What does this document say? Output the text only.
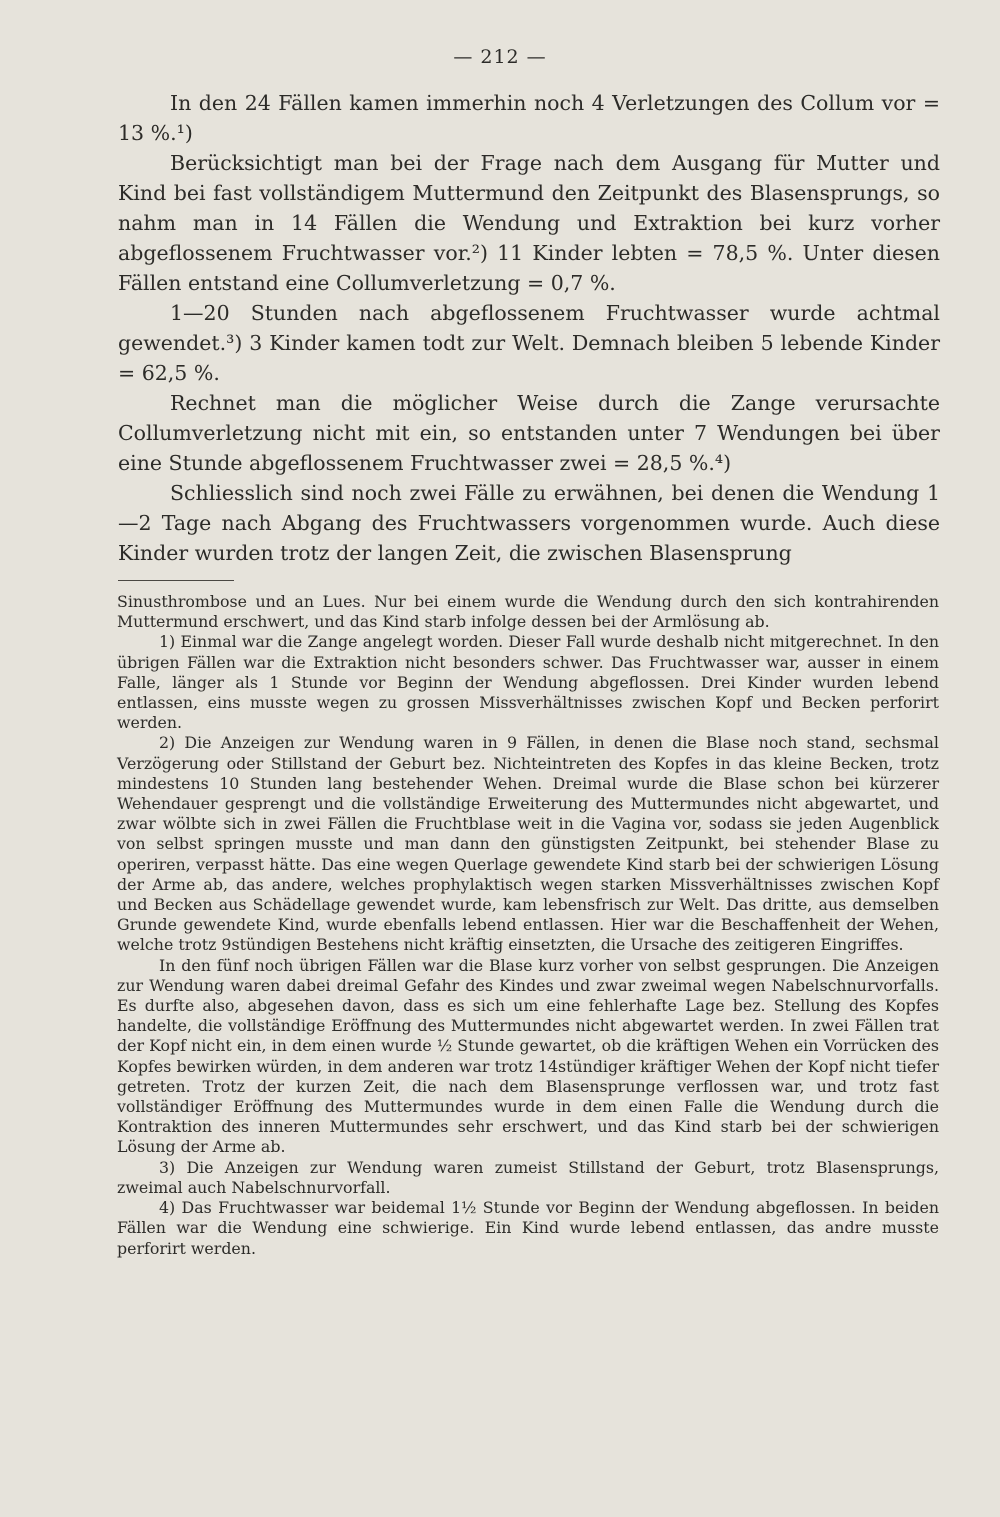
— 212 —

In den 24 Fällen kamen immerhin noch 4 Verletzungen des Collum vor = 13 %.¹)

Berücksichtigt man bei der Frage nach dem Ausgang für Mutter und Kind bei fast vollständigem Muttermund den Zeitpunkt des Blasensprungs, so nahm man in 14 Fällen die Wendung und Extraktion bei kurz vorher abgeflossenem Fruchtwasser vor.²) 11 Kinder lebten = 78,5 %. Unter diesen Fällen entstand eine Collumverletzung = 0,7 %.

1—20 Stunden nach abgeflossenem Fruchtwasser wurde achtmal gewendet.³) 3 Kinder kamen todt zur Welt. Demnach bleiben 5 lebende Kinder = 62,5 %.

Rechnet man die möglicher Weise durch die Zange verursachte Collumverletzung nicht mit ein, so entstanden unter 7 Wendungen bei über eine Stunde abgeflossenem Fruchtwasser zwei = 28,5 %.⁴)

Schliesslich sind noch zwei Fälle zu erwähnen, bei denen die Wendung 1—2 Tage nach Abgang des Fruchtwassers vorgenommen wurde. Auch diese Kinder wurden trotz der langen Zeit, die zwischen Blasensprung

Sinusthrombose und an Lues. Nur bei einem wurde die Wendung durch den sich kontrahirenden Muttermund erschwert, und das Kind starb infolge dessen bei der Armlösung ab.

1) Einmal war die Zange angelegt worden. Dieser Fall wurde deshalb nicht mitgerechnet. In den übrigen Fällen war die Extraktion nicht besonders schwer. Das Fruchtwasser war, ausser in einem Falle, länger als 1 Stunde vor Beginn der Wendung abgeflossen. Drei Kinder wurden lebend entlassen, eins musste wegen zu grossen Missverhältnisses zwischen Kopf und Becken perforirt werden.

2) Die Anzeigen zur Wendung waren in 9 Fällen, in denen die Blase noch stand, sechsmal Verzögerung oder Stillstand der Geburt bez. Nichteintreten des Kopfes in das kleine Becken, trotz mindestens 10 Stunden lang bestehender Wehen. Dreimal wurde die Blase schon bei kürzerer Wehendauer gesprengt und die vollständige Erweiterung des Muttermundes nicht abgewartet, und zwar wölbte sich in zwei Fällen die Fruchtblase weit in die Vagina vor, sodass sie jeden Augenblick von selbst springen musste und man dann den günstigsten Zeitpunkt, bei stehender Blase zu operiren, verpasst hätte. Das eine wegen Querlage gewendete Kind starb bei der schwierigen Lösung der Arme ab, das andere, welches prophylaktisch wegen starken Missverhältnisses zwischen Kopf und Becken aus Schädellage gewendet wurde, kam lebensfrisch zur Welt. Das dritte, aus demselben Grunde gewendete Kind, wurde ebenfalls lebend entlassen. Hier war die Beschaffenheit der Wehen, welche trotz 9stündigen Bestehens nicht kräftig einsetzten, die Ursache des zeitigeren Eingriffes.

In den fünf noch übrigen Fällen war die Blase kurz vorher von selbst gesprungen. Die Anzeigen zur Wendung waren dabei dreimal Gefahr des Kindes und zwar zweimal wegen Nabelschnurvorfalls. Es durfte also, abgesehen davon, dass es sich um eine fehlerhafte Lage bez. Stellung des Kopfes handelte, die vollständige Eröffnung des Muttermundes nicht abgewartet werden. In zwei Fällen trat der Kopf nicht ein, in dem einen wurde ½ Stunde gewartet, ob die kräftigen Wehen ein Vorrücken des Kopfes bewirken würden, in dem anderen war trotz 14stündiger kräftiger Wehen der Kopf nicht tiefer getreten. Trotz der kurzen Zeit, die nach dem Blasensprunge verflossen war, und trotz fast vollständiger Eröffnung des Muttermundes wurde in dem einen Falle die Wendung durch die Kontraktion des inneren Muttermundes sehr erschwert, und das Kind starb bei der schwierigen Lösung der Arme ab.

3) Die Anzeigen zur Wendung waren zumeist Stillstand der Geburt, trotz Blasensprungs, zweimal auch Nabelschnurvorfall.

4) Das Fruchtwasser war beidemal 1½ Stunde vor Beginn der Wendung abgeflossen. In beiden Fällen war die Wendung eine schwierige. Ein Kind wurde lebend entlassen, das andre musste perforirt werden.
